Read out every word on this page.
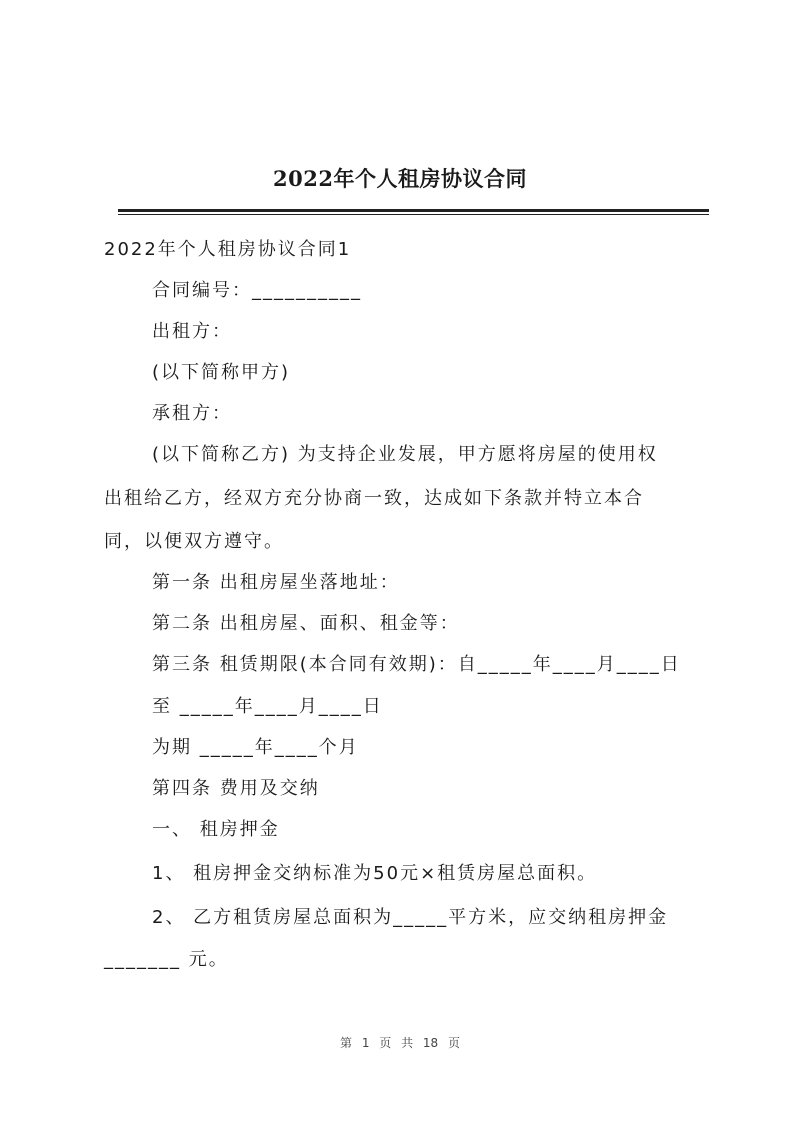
2022年个人租房协议合同
2022年个人租房协议合同1
合同编号：__________
出租方：
(以下简称甲方)
承租方：
(以下简称乙方) 为支持企业发展，甲方愿将房屋的使用权
出租给乙方，经双方充分协商一致，达成如下条款并特立本合
同，以便双方遵守。
第一条 出租房屋坐落地址：
第二条 出租房屋、面积、租金等：
第三条 租赁期限(本合同有效期)：自_____年____月____日
至 _____年____月____日
为期 _____年____个月
第四条 费用及交纳
一、 租房押金
1、 租房押金交纳标准为50元×租赁房屋总面积。
2、 乙方租赁房屋总面积为_____平方米，应交纳租房押金
_______ 元。
第 1 页 共 18 页
